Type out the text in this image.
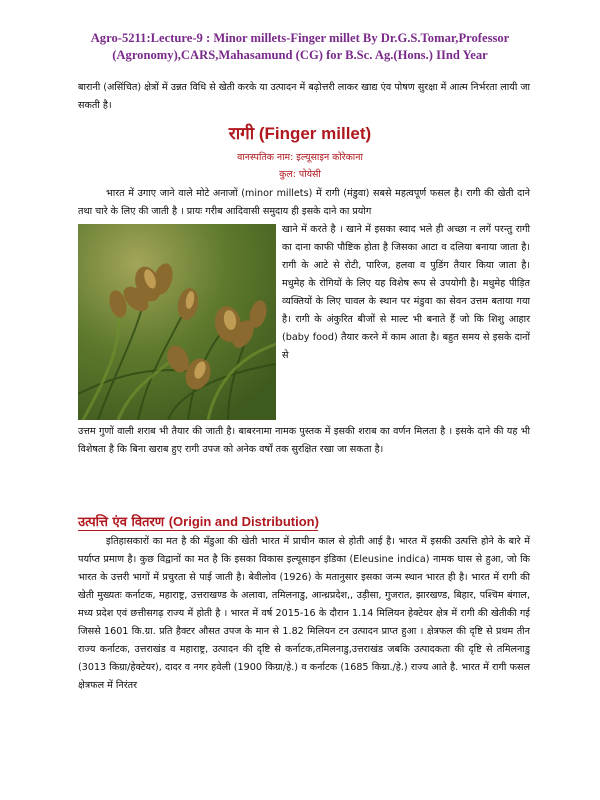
Agro-5211:Lecture-9 : Minor millets-Finger millet By Dr.G.S.Tomar,Professor
(Agronomy),CARS,Mahasamund (CG) for B.Sc. Ag.(Hons.) IInd Year

बारानी (असिंचित) क्षेत्रों में उन्नत विधि से खेती करके या उत्पादन में बढ़ोत्तरी लाकर खाद्य एंव पोषण सुरक्षा में आत्म निर्भरता लायी जा सकती है।

रागी (Finger millet)
वानस्पतिक नाम: इल्यूसाइन कोरेकाना
कुल: पोयेसी

भारत में उगाए जाने वाले मोटे अनाजों (minor millets) में रागी (मंडुवा) सबसे महत्वपूर्ण फसल है। रागी की खेती दाने तथा चारे के लिए की जाती है । प्रायः गरीब आदिवासी समुदाय ही इसके दाने का प्रयोग

खाने में करते है । खाने में इसका स्वाद भले ही अच्छा न लगें परन्तु रागी का दाना काफी पौष्टिक होता है जिसका आटा व दलिया बनाया जाता है। रागी के आटे से रोटी, पारिज, हलवा व पुडिंग तैयार किया जाता है। मधुमेह के रोगियों के लिए यह विशेष रूप से उपयोगी है। मधुमेह पीड़ित व्यक्तियों के लिए चावल के स्थान पर मंडुवा का सेवन उत्तम बताया गया है। रागी के अंकुरित बीजों से माल्ट भी बनाते हैं जो कि शिशु आहार (baby food) तैयार करने में काम आता है। बहुत समय से इसके दानों से

उत्तम गुणों वाली शराब भी तैयार की जाती है। बाबरनामा नामक पुस्तक में इसकी शराब का वर्णन मिलता है । इसके दाने की यह भी विशेषता है कि बिना खराब हुए रागी उपज को अनेक वर्षों तक सुरक्षित रखा जा सकता है।

उत्पत्ति एंव वितरण (Origin and Distribution)

इतिहासकारों का मत है की मँडुआ की खेती भारत में प्राचीन काल से होती आई है। भारत में इसकी उत्पत्ति होने के बारे में पर्याप्त प्रमाण है। कुछ विद्वानों का मत है कि इसका विकास इल्यूसाइन इंडिका (Eleusine indica) नामक घास से हुआ, जो कि भारत के उत्तरी भागों में प्रचुरता से पाई जाती है। बेवीलोव (1926) के मतानुसार इसका जन्म स्थान भारत ही है। भारत में रागी की खेती मुख्यतः कर्नाटक, महाराष्ट्र, उत्तराखण्ड के अलावा, तमिलनाडु, आन्ध्रप्रदेश,, उड़ीसा, गुजरात, झारखण्ड, बिहार, पश्चिम बंगाल, मध्य प्रदेश एवं छत्तीसगढ़ राज्य में होती है । भारत में वर्ष 2015-16 के दौरान 1.14 मिलियन हेक्टेयर क्षेत्र में रागी की खेतीकी गई जिससे 1601 कि.ग्रा. प्रति हैक्टर औसत उपज के मान से 1.82 मिलियन टन उत्पादन प्राप्त हुआ । क्षेत्रफल की दृष्टि से प्रथम तीन राज्य कर्नाटक, उत्तराखंड व महाराष्ट्र, उत्पादन की दृष्टि से कर्नाटक,तमिलनाडु,उत्तराखंड जबकि उत्पादकता की दृष्टि से तमिलनाडु (3013 किग्रा/हेक्टेयर), दादर व नगर हवेली (1900 किग्रा/हे.) व कर्नाटक (1685 किग्रा./हे.) राज्य आते है. भारत में रागी फसल क्षेत्रफल में निरंतर
